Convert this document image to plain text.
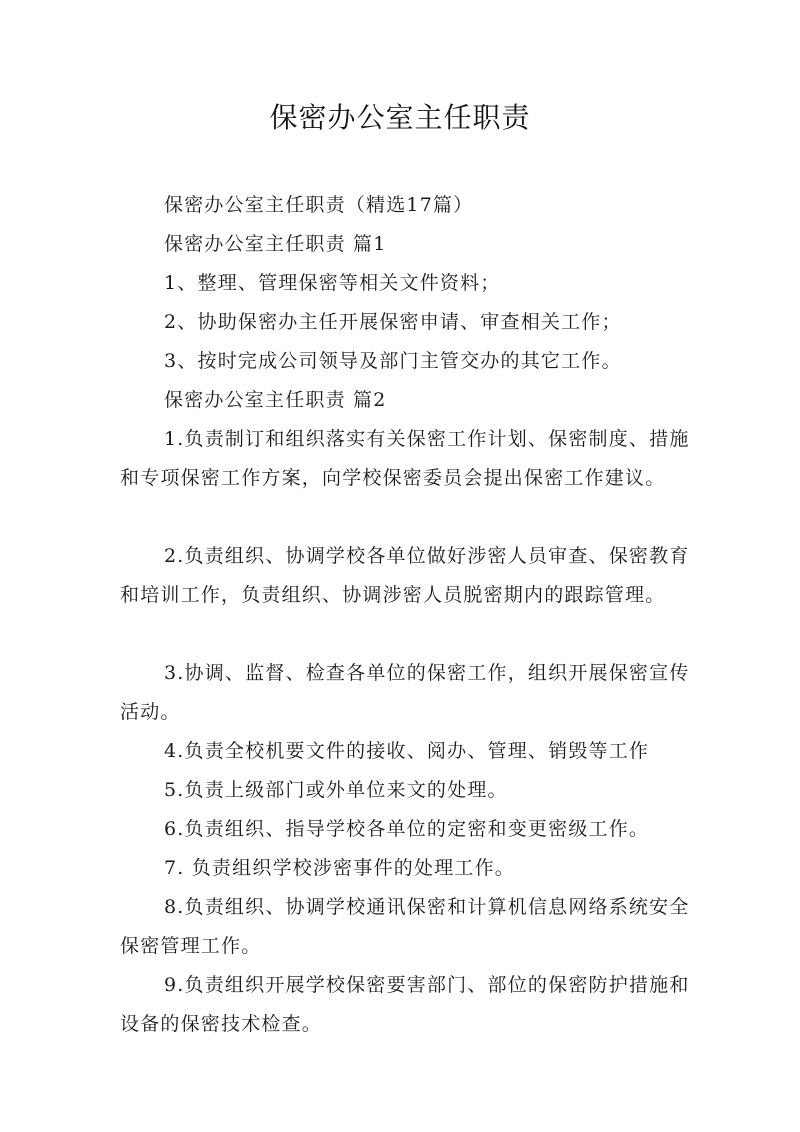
保密办公室主任职责

保密办公室主任职责（精选17篇）

保密办公室主任职责 篇1

1、整理、管理保密等相关文件资料；

2、协助保密办主任开展保密申请、审查相关工作；

3、按时完成公司领导及部门主管交办的其它工作。

保密办公室主任职责 篇2

1.负责制订和组织落实有关保密工作计划、保密制度、措施和专项保密工作方案，向学校保密委员会提出保密工作建议。

2.负责组织、协调学校各单位做好涉密人员审查、保密教育和培训工作，负责组织、协调涉密人员脱密期内的跟踪管理。

3.协调、监督、检查各单位的保密工作，组织开展保密宣传活动。

4.负责全校机要文件的接收、阅办、管理、销毁等工作

5.负责上级部门或外单位来文的处理。

6.负责组织、指导学校各单位的定密和变更密级工作。

7. 负责组织学校涉密事件的处理工作。

8.负责组织、协调学校通讯保密和计算机信息网络系统安全保密管理工作。

9.负责组织开展学校保密要害部门、部位的保密防护措施和设备的保密技术检查。
